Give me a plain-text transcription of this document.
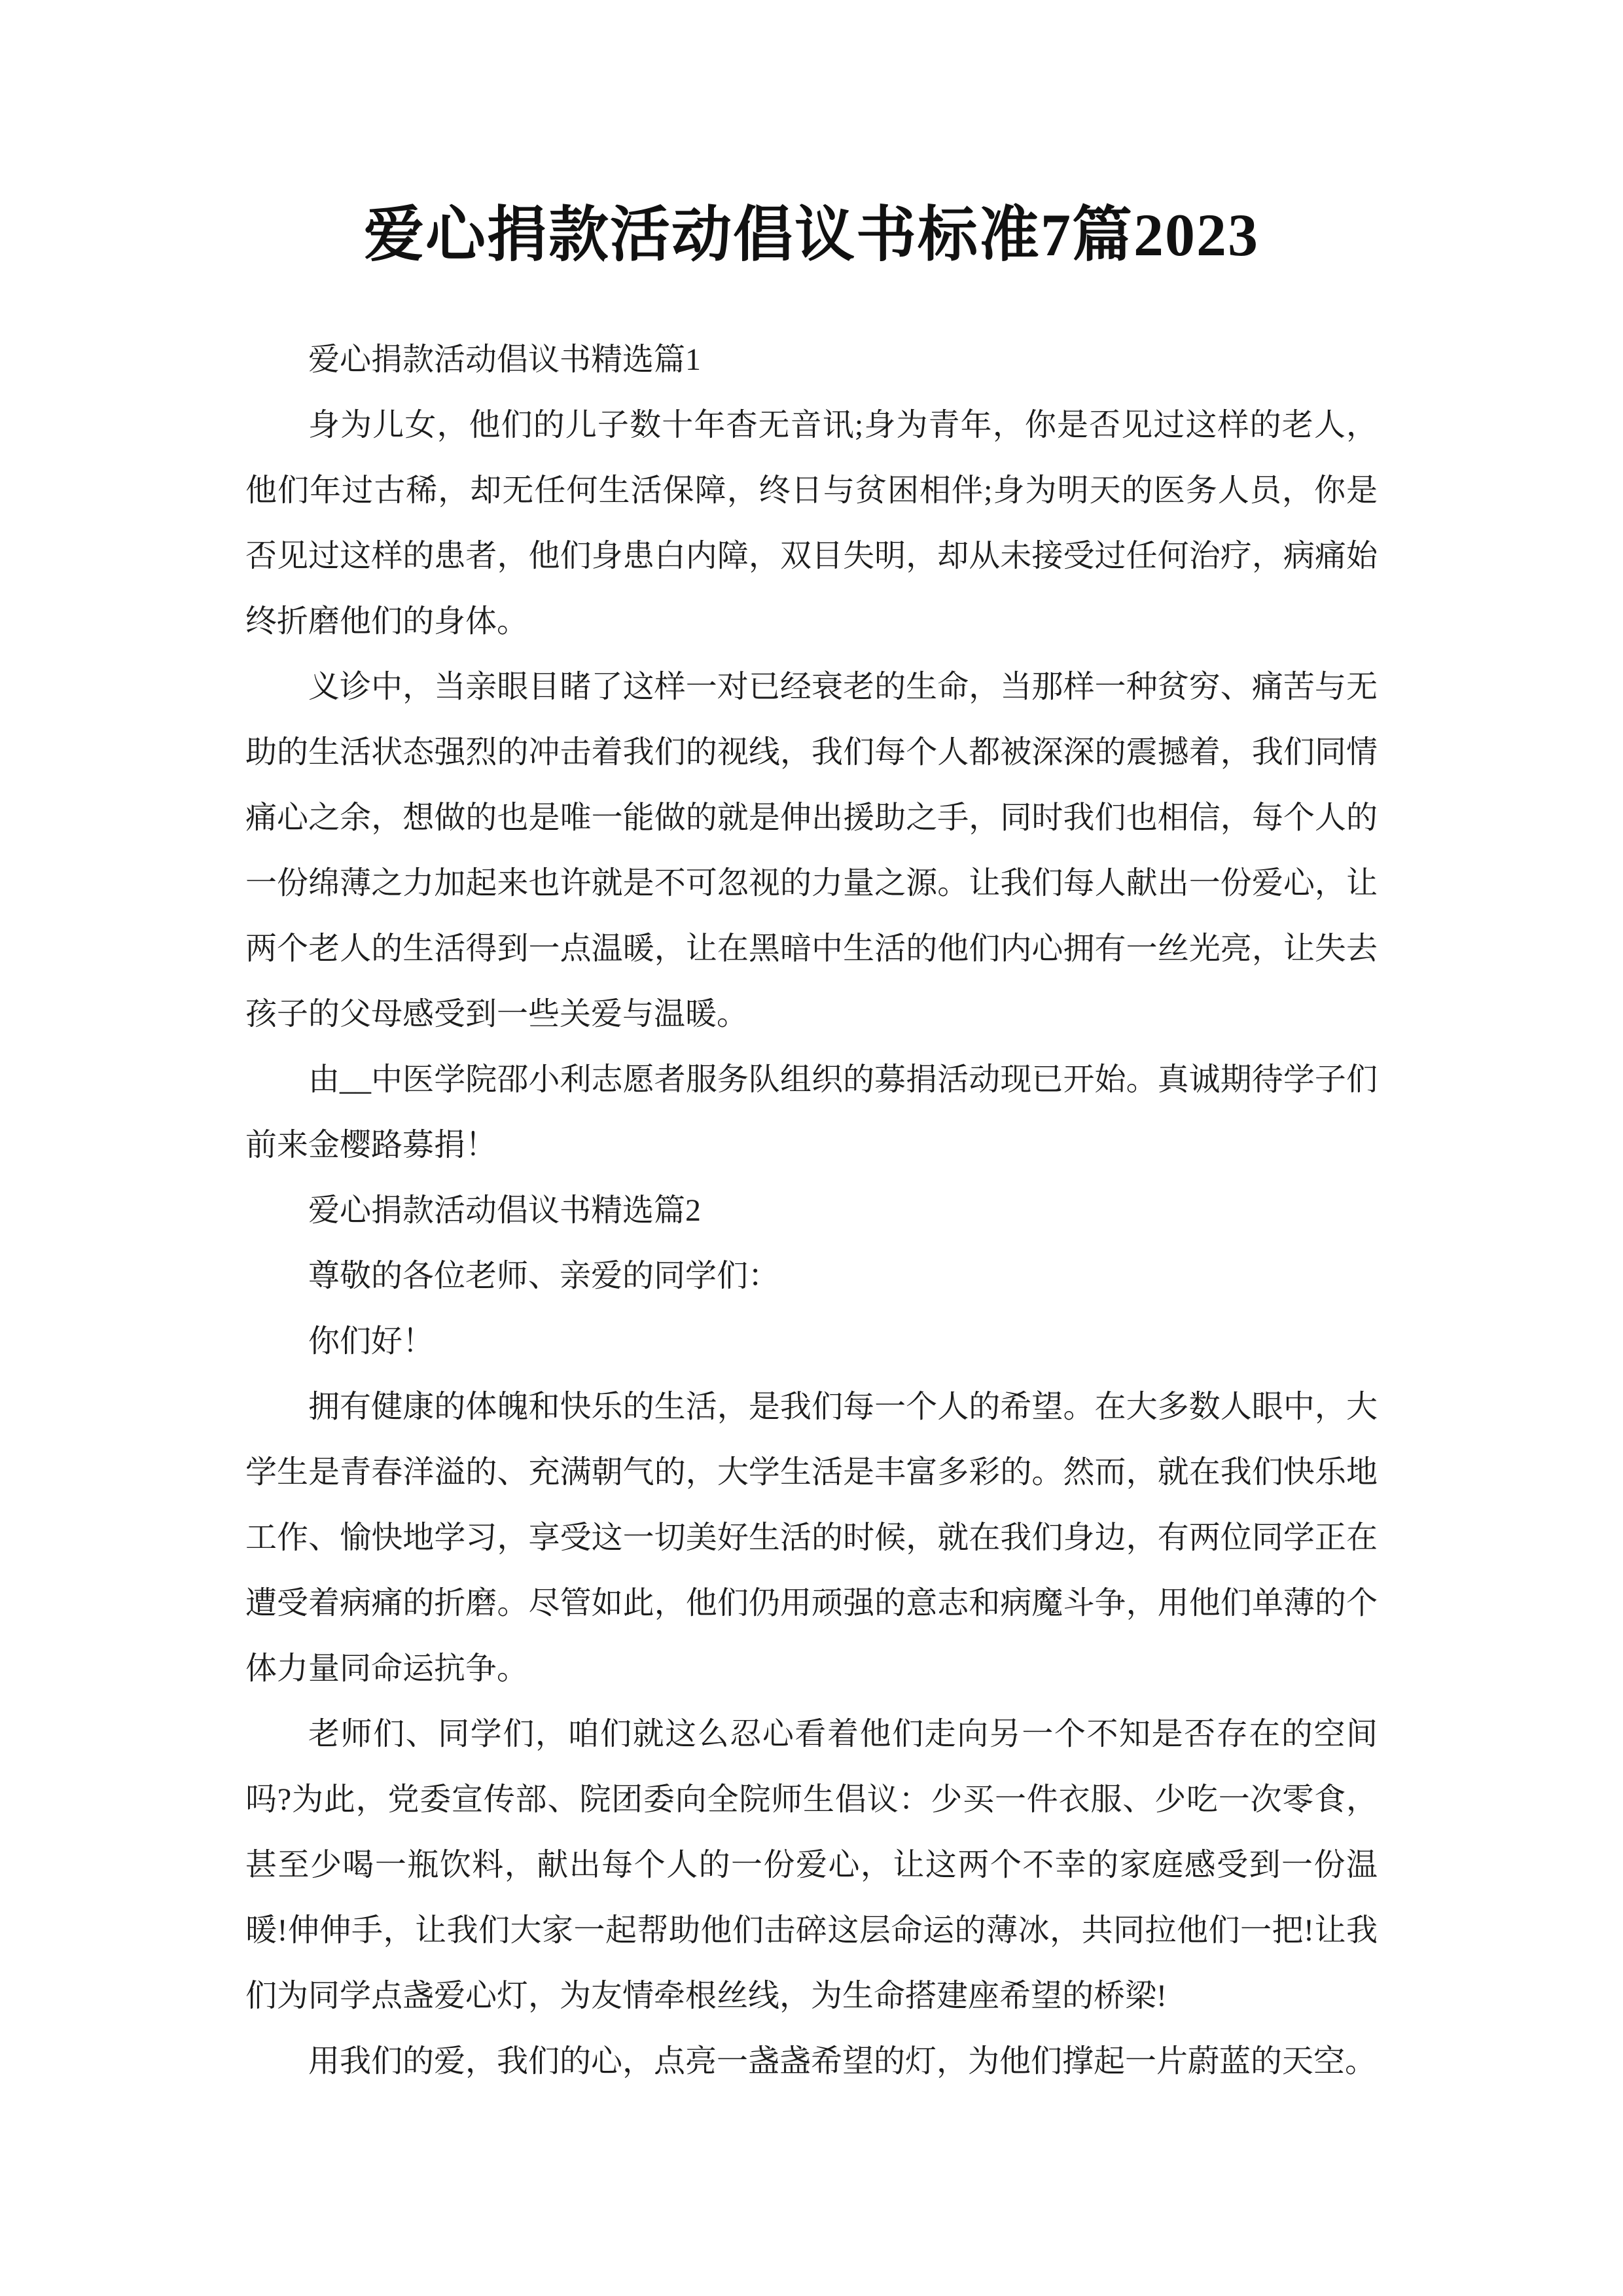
爱心捐款活动倡议书标准7篇2023

爱心捐款活动倡议书精选篇1

身为儿女，他们的儿子数十年杳无音讯;身为青年，你是否见过这样的老人，他们年过古稀，却无任何生活保障，终日与贫困相伴;身为明天的医务人员，你是否见过这样的患者，他们身患白内障，双目失明，却从未接受过任何治疗，病痛始终折磨他们的身体。

义诊中，当亲眼目睹了这样一对已经衰老的生命，当那样一种贫穷、痛苦与无助的生活状态强烈的冲击着我们的视线，我们每个人都被深深的震撼着，我们同情痛心之余，想做的也是唯一能做的就是伸出援助之手，同时我们也相信，每个人的一份绵薄之力加起来也许就是不可忽视的力量之源。让我们每人献出一份爱心，让两个老人的生活得到一点温暖，让在黑暗中生活的他们内心拥有一丝光亮，让失去孩子的父母感受到一些关爱与温暖。

由__中医学院邵小利志愿者服务队组织的募捐活动现已开始。真诚期待学子们前来金樱路募捐！

爱心捐款活动倡议书精选篇2

尊敬的各位老师、亲爱的同学们：

你们好！

拥有健康的体魄和快乐的生活，是我们每一个人的希望。在大多数人眼中，大学生是青春洋溢的、充满朝气的，大学生活是丰富多彩的。然而，就在我们快乐地工作、愉快地学习，享受这一切美好生活的时候，就在我们身边，有两位同学正在遭受着病痛的折磨。尽管如此，他们仍用顽强的意志和病魔斗争，用他们单薄的个体力量同命运抗争。

老师们、同学们，咱们就这么忍心看着他们走向另一个不知是否存在的空间吗?为此，党委宣传部、院团委向全院师生倡议：少买一件衣服、少吃一次零食，甚至少喝一瓶饮料，献出每个人的一份爱心，让这两个不幸的家庭感受到一份温暖!伸伸手，让我们大家一起帮助他们击碎这层命运的薄冰，共同拉他们一把!让我们为同学点盏爱心灯，为友情牵根丝线，为生命搭建座希望的桥梁!

用我们的爱，我们的心，点亮一盏盏希望的灯，为他们撑起一片蔚蓝的天空。
